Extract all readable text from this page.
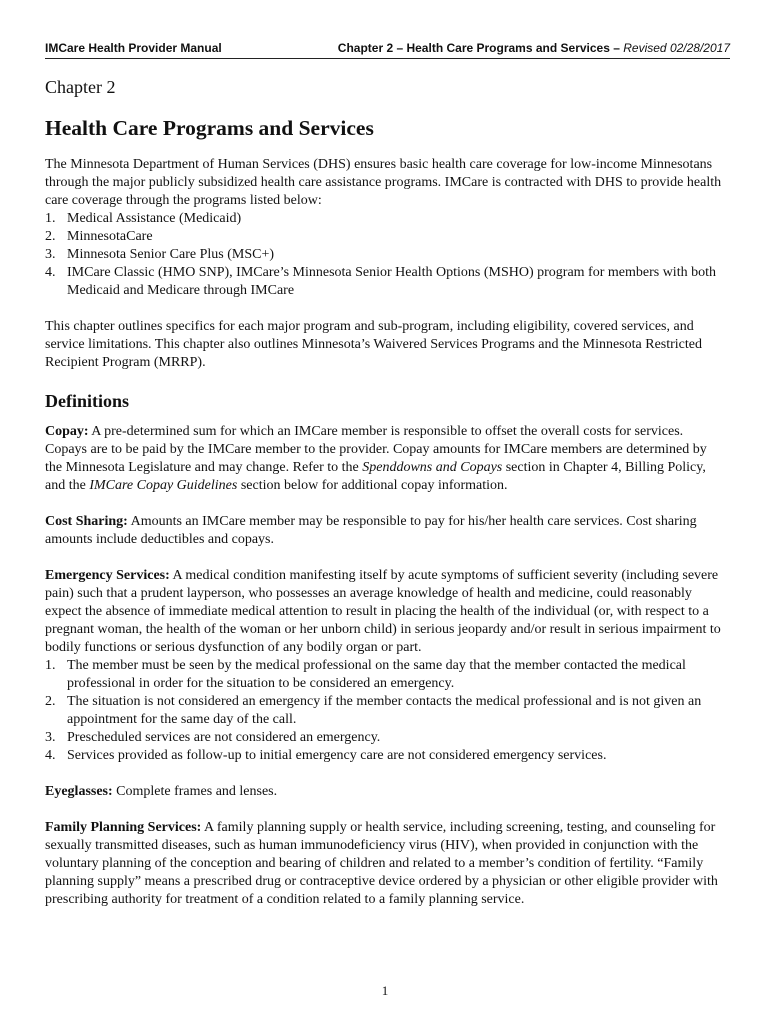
IMCare Health Provider Manual	Chapter 2 – Health Care Programs and Services – Revised 02/28/2017
Chapter 2
Health Care Programs and Services

The Minnesota Department of Human Services (DHS) ensures basic health care coverage for low-income Minnesotans through the major publicly subsidized health care assistance programs. IMCare is contracted with DHS to provide health care coverage through the programs listed below:

1. Medical Assistance (Medicaid)
2. MinnesotaCare
3. Minnesota Senior Care Plus (MSC+)
4. IMCare Classic (HMO SNP), IMCare’s Minnesota Senior Health Options (MSHO) program for members with both Medicaid and Medicare through IMCare

This chapter outlines specifics for each major program and sub-program, including eligibility, covered services, and service limitations. This chapter also outlines Minnesota’s Waivered Services Programs and the Minnesota Restricted Recipient Program (MRRP).

Definitions

Copay: A pre-determined sum for which an IMCare member is responsible to offset the overall costs for services. Copays are to be paid by the IMCare member to the provider. Copay amounts for IMCare members are determined by the Minnesota Legislature and may change. Refer to the Spenddowns and Copays section in Chapter 4, Billing Policy, and the IMCare Copay Guidelines section below for additional copay information.

Cost Sharing: Amounts an IMCare member may be responsible to pay for his/her health care services. Cost sharing amounts include deductibles and copays.

Emergency Services: A medical condition manifesting itself by acute symptoms of sufficient severity (including severe pain) such that a prudent layperson, who possesses an average knowledge of health and medicine, could reasonably expect the absence of immediate medical attention to result in placing the health of the individual (or, with respect to a pregnant woman, the health of the woman or her unborn child) in serious jeopardy and/or result in serious impairment to bodily functions or serious dysfunction of any bodily organ or part.

1. The member must be seen by the medical professional on the same day that the member contacted the medical professional in order for the situation to be considered an emergency.
2. The situation is not considered an emergency if the member contacts the medical professional and is not given an appointment for the same day of the call.
3. Prescheduled services are not considered an emergency.
4. Services provided as follow-up to initial emergency care are not considered emergency services.

Eyeglasses: Complete frames and lenses.

Family Planning Services: A family planning supply or health service, including screening, testing, and counseling for sexually transmitted diseases, such as human immunodeficiency virus (HIV), when provided in conjunction with the voluntary planning of the conception and bearing of children and related to a member’s condition of fertility. “Family planning supply” means a prescribed drug or contraceptive device ordered by a physician or other eligible provider with prescribing authority for treatment of a condition related to a family planning service.

1
